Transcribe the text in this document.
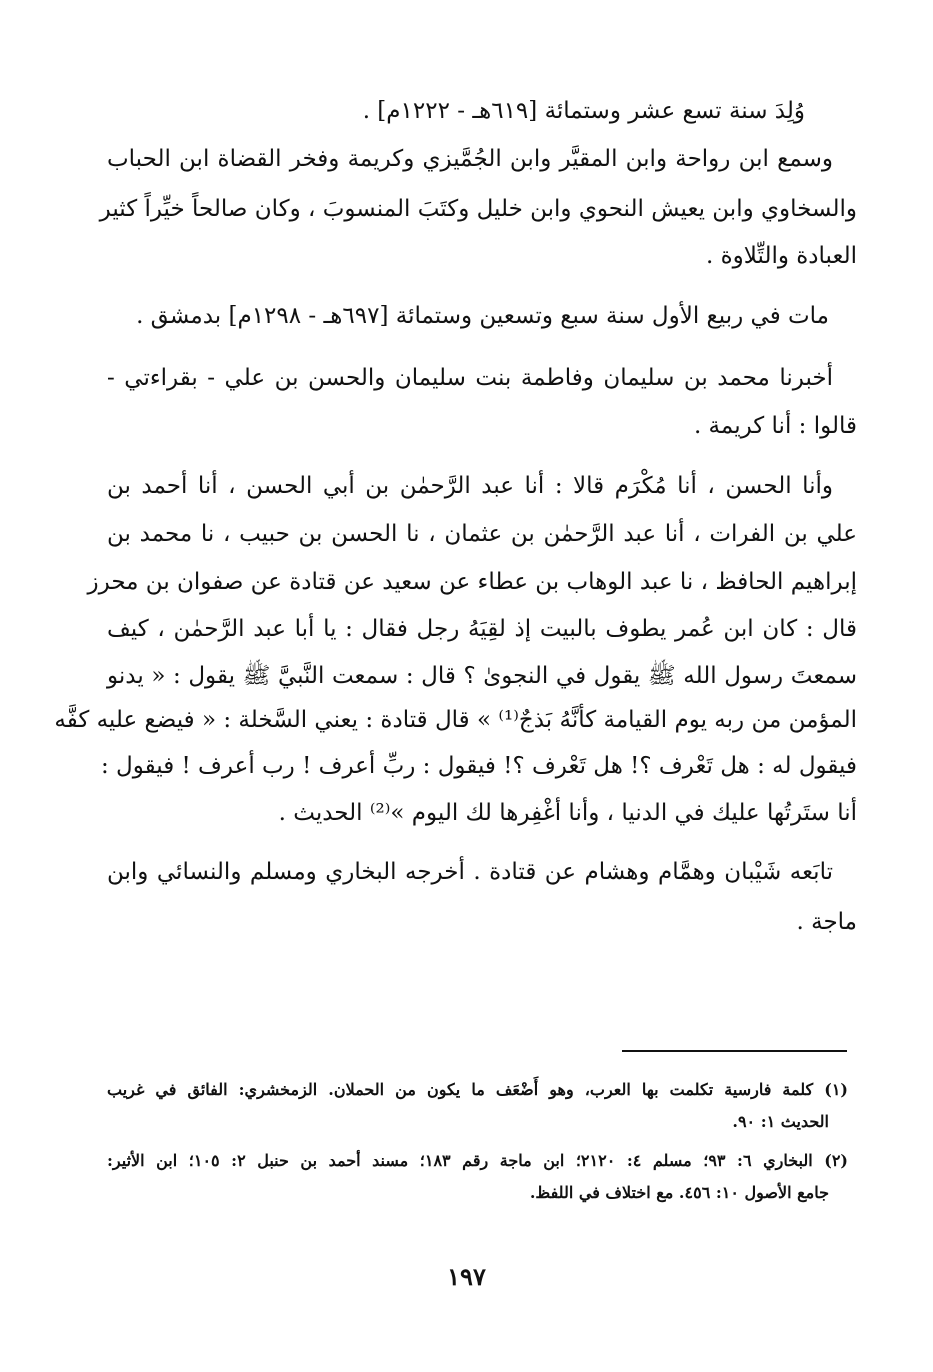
وُلِدَ سنة تسع عشر وستمائة [٦١٩هـ - ١٢٢٢م] .
وسمع ابن رواحة وابن المقيَّر وابن الجُمَّيزي وكريمة وفخر القضاة ابن الحباب
والسخاوي وابن يعيش النحوي وابن خليل وكتَبَ المنسوبَ ، وكان صالحاً خيِّراً كثير
العبادة والتِّلاوة .
مات في ربيع الأول سنة سبع وتسعين وستمائة [٦٩٧هـ - ١٢٩٨م] بدمشق .
أخبرنا محمد بن سليمان وفاطمة بنت سليمان والحسن بن علي - بقراءتي -
قالوا : أنا كريمة .
وأنا الحسن ، أنا مُكْرَم قالا : أنا عبد الرَّحمٰن بن أبي الحسن ، أنا أحمد بن
علي بن الفرات ، أنا عبد الرَّحمٰن بن عثمان ، نا الحسن بن حبيب ، نا محمد بن
إبراهيم الحافظ ، نا عبد الوهاب بن عطاء عن سعيد عن قتادة عن صفوان بن محرز
قال : كان ابن عُمر يطوف بالبيت إذ لقِيَهُ رجل فقال : يا أبا عبد الرَّحمٰن ، كيف
سمعتَ رسول الله ﷺ يقول في النجوىٰ ؟ قال : سمعت النَّبيَّ ﷺ يقول : « يدنو
المؤمن من ربه يوم القيامة كأنَّهُ بَذجٌ⁽¹⁾ » قال قتادة : يعني السَّخلة : « فيضع عليه كفَّه
فيقول له : هل تَعْرف ؟! هل تَعْرف ؟! فيقول : ربِّ أعرف ! رب أعرف ! فيقول :
أنا ستَرتُها عليك في الدنيا ، وأنا أغْفِرها لك اليوم »⁽²⁾ الحديث .
تابَعه شَيْبان وهمَّام وهشام عن قتادة . أخرجه البخاري ومسلم والنسائي وابن
ماجة .
(١) كلمة فارسية تكلمت بها العرب، وهو أَضْعَف ما يكون من الحملان. الزمخشري: الفائق في غريب
الحديث ١: ٩٠.
(٢) البخاري ٦: ٩٣؛ مسلم ٤: ٢١٢٠؛ ابن ماجة رقم ١٨٣؛ مسند أحمد بن حنبل ٢: ١٠٥؛ ابن الأثير:
جامع الأصول ١٠: ٤٥٦. مع اختلاف في اللفظ.
١٩٧
